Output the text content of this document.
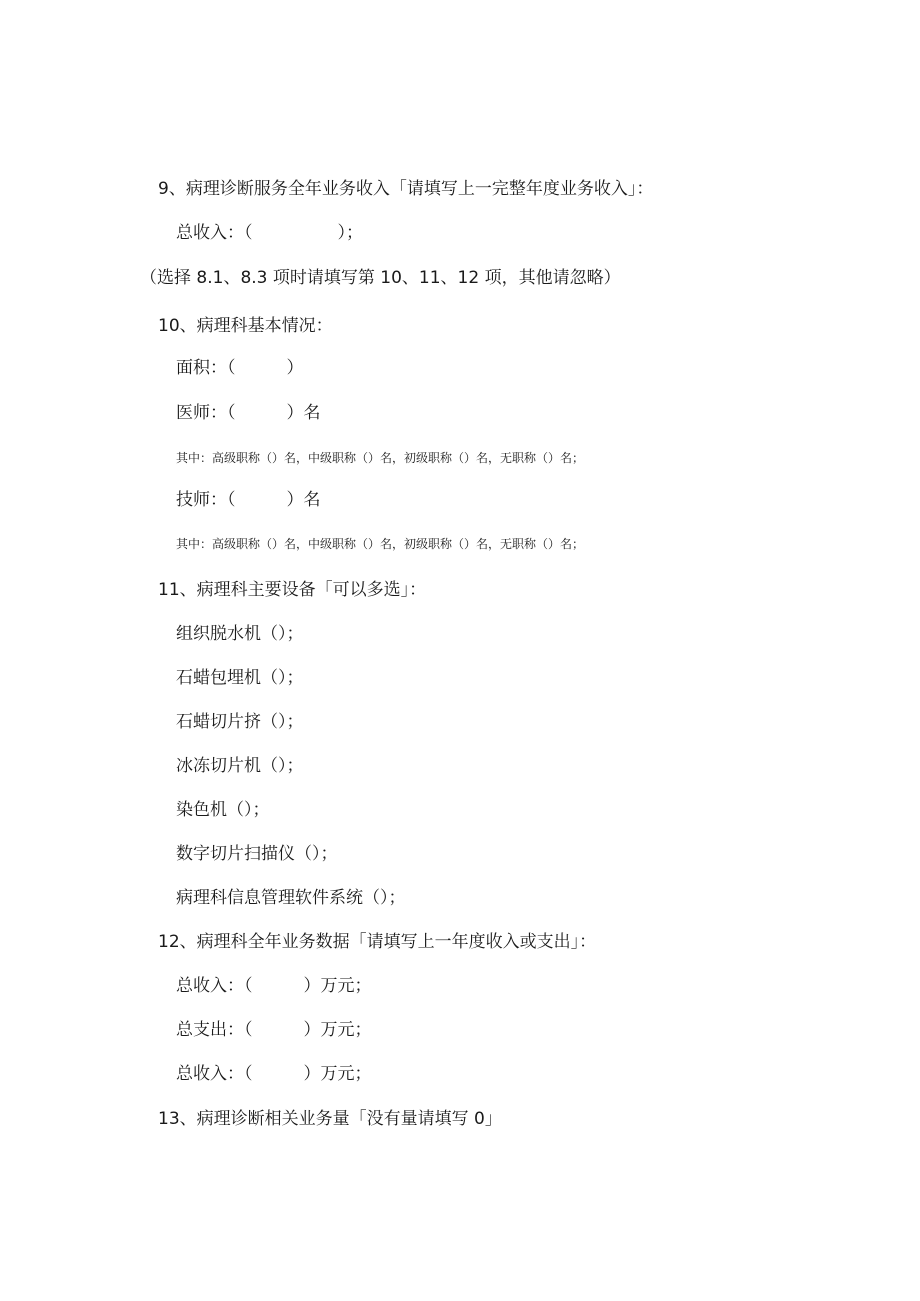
9、病理诊断服务全年业务收入「请填写上一完整年度业务收入」：
总收入：（　　　　　）；
（选择 8.1、8.3 项时请填写第 10、11、12 项，其他请忽略）
10、病理科基本情况：
面积：（　　　）
医师：（　　　）名
其中：高级职称（）名，中级职称（）名，初级职称（）名，无职称（）名；
技师：（　　　）名
其中：高级职称（）名，中级职称（）名，初级职称（）名，无职称（）名；
11、病理科主要设备「可以多选」：
组织脱水机（）；
石蜡包埋机（）；
石蜡切片挤（）；
冰冻切片机（）；
染色机（）；
数字切片扫描仪（）；
病理科信息管理软件系统（）；
12、病理科全年业务数据「请填写上一年度收入或支出」：
总收入：（　　　）万元；
总支出：（　　　）万元；
总收入：（　　　）万元；
13、病理诊断相关业务量「没有量请填写 0」
